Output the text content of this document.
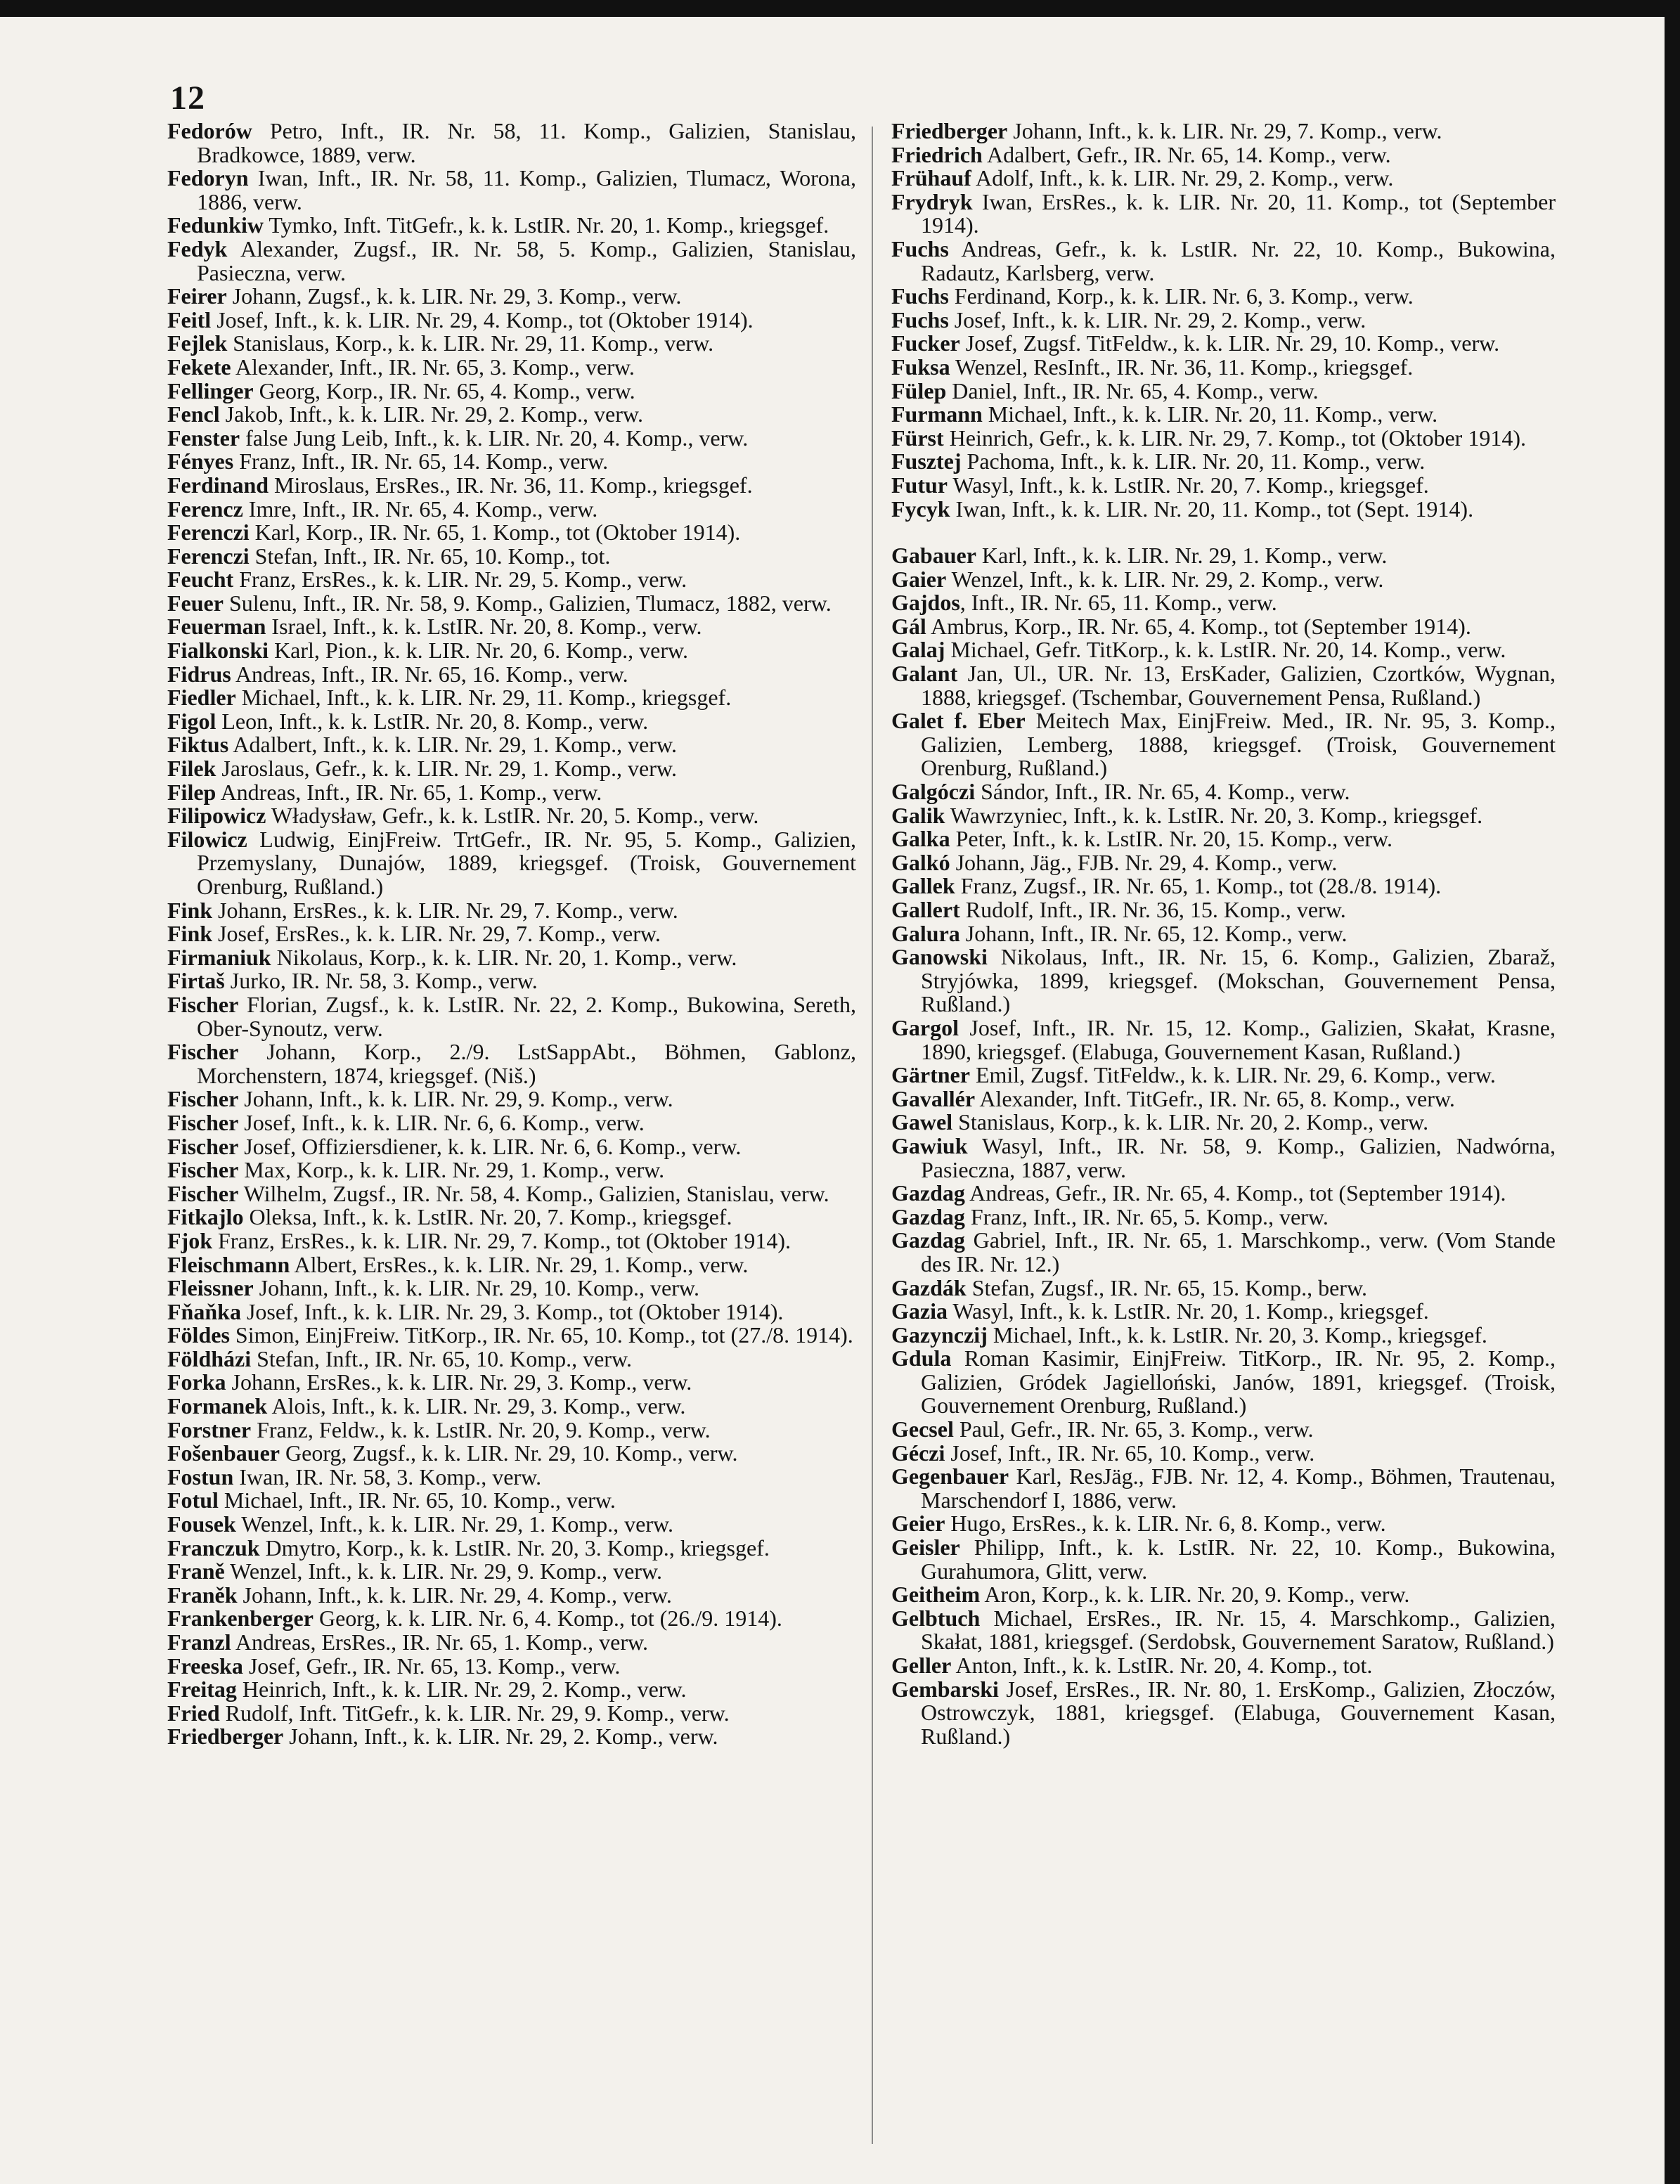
12

Fedorów Petro, Inft., IR. Nr. 58, 11. Komp., Galizien, Stanislau, Bradkowce, 1889, verw.

Fedoryn Iwan, Inft., IR. Nr. 58, 11. Komp., Galizien, Tlumacz, Worona, 1886, verw.

Fedunkiw Tymko, Inft. TitGefr., k. k. LstIR. Nr. 20, 1. Komp., kriegsgef.

Fedyk Alexander, Zugsf., IR. Nr. 58, 5. Komp., Galizien, Stanislau, Pasieczna, verw.

Feirer Johann, Zugsf., k. k. LIR. Nr. 29, 3. Komp., verw.

Feitl Josef, Inft., k. k. LIR. Nr. 29, 4. Komp., tot (Oktober 1914).

Fejlek Stanislaus, Korp., k. k. LIR. Nr. 29, 11. Komp., verw.

Fekete Alexander, Inft., IR. Nr. 65, 3. Komp., verw.

Fellinger Georg, Korp., IR. Nr. 65, 4. Komp., verw.

Fencl Jakob, Inft., k. k. LIR. Nr. 29, 2. Komp., verw.

Fenster false Jung Leib, Inft., k. k. LIR. Nr. 20, 4. Komp., verw.

Fényes Franz, Inft., IR. Nr. 65, 14. Komp., verw.

Ferdinand Miroslaus, ErsRes., IR. Nr. 36, 11. Komp., kriegsgef.

Ferencz Imre, Inft., IR. Nr. 65, 4. Komp., verw.

Ferenczi Karl, Korp., IR. Nr. 65, 1. Komp., tot (Oktober 1914).

Ferenczi Stefan, Inft., IR. Nr. 65, 10. Komp., tot.

Feucht Franz, ErsRes., k. k. LIR. Nr. 29, 5. Komp., verw.

Feuer Sulenu, Inft., IR. Nr. 58, 9. Komp., Galizien, Tlumacz, 1882, verw.

Feuerman Israel, Inft., k. k. LstIR. Nr. 20, 8. Komp., verw.

Fialkonski Karl, Pion., k. k. LIR. Nr. 20, 6. Komp., verw.

Fidrus Andreas, Inft., IR. Nr. 65, 16. Komp., verw.

Fiedler Michael, Inft., k. k. LIR. Nr. 29, 11. Komp., kriegsgef.

Figol Leon, Inft., k. k. LstIR. Nr. 20, 8. Komp., verw.

Fiktus Adalbert, Inft., k. k. LIR. Nr. 29, 1. Komp., verw.

Filek Jaroslaus, Gefr., k. k. LIR. Nr. 29, 1. Komp., verw.

Filep Andreas, Inft., IR. Nr. 65, 1. Komp., verw.

Filipowicz Władysław, Gefr., k. k. LstIR. Nr. 20, 5. Komp., verw.

Filowicz Ludwig, EinjFreiw. TrtGefr., IR. Nr. 95, 5. Komp., Galizien, Przemyslany, Dunajów, 1889, kriegsgef. (Troisk, Gouvernement Orenburg, Rußland.)

Fink Johann, ErsRes., k. k. LIR. Nr. 29, 7. Komp., verw.

Fink Josef, ErsRes., k. k. LIR. Nr. 29, 7. Komp., verw.

Firmaniuk Nikolaus, Korp., k. k. LIR. Nr. 20, 1. Komp., verw.

Firtaš Jurko, IR. Nr. 58, 3. Komp., verw.

Fischer Florian, Zugsf., k. k. LstIR. Nr. 22, 2. Komp., Bukowina, Sereth, Ober-Synoutz, verw.

Fischer Johann, Korp., 2./9. LstSappAbt., Böhmen, Gablonz, Morchenstern, 1874, kriegsgef. (Niš.)

Fischer Johann, Inft., k. k. LIR. Nr. 29, 9. Komp., verw.

Fischer Josef, Inft., k. k. LIR. Nr. 6, 6. Komp., verw.

Fischer Josef, Offiziersdiener, k. k. LIR. Nr. 6, 6. Komp., verw.

Fischer Max, Korp., k. k. LIR. Nr. 29, 1. Komp., verw.

Fischer Wilhelm, Zugsf., IR. Nr. 58, 4. Komp., Galizien, Stanislau, verw.

Fitkajlo Oleksa, Inft., k. k. LstIR. Nr. 20, 7. Komp., kriegsgef.

Fjok Franz, ErsRes., k. k. LIR. Nr. 29, 7. Komp., tot (Oktober 1914).

Fleischmann Albert, ErsRes., k. k. LIR. Nr. 29, 1. Komp., verw.

Fleissner Johann, Inft., k. k. LIR. Nr. 29, 10. Komp., verw.

Fňaňka Josef, Inft., k. k. LIR. Nr. 29, 3. Komp., tot (Oktober 1914).

Földes Simon, EinjFreiw. TitKorp., IR. Nr. 65, 10. Komp., tot (27./8. 1914).

Földházi Stefan, Inft., IR. Nr. 65, 10. Komp., verw.

Forka Johann, ErsRes., k. k. LIR. Nr. 29, 3. Komp., verw.

Formanek Alois, Inft., k. k. LIR. Nr. 29, 3. Komp., verw.

Forstner Franz, Feldw., k. k. LstIR. Nr. 20, 9. Komp., verw.

Fošenbauer Georg, Zugsf., k. k. LIR. Nr. 29, 10. Komp., verw.

Fostun Iwan, IR. Nr. 58, 3. Komp., verw.

Fotul Michael, Inft., IR. Nr. 65, 10. Komp., verw.

Fousek Wenzel, Inft., k. k. LIR. Nr. 29, 1. Komp., verw.

Franczuk Dmytro, Korp., k. k. LstIR. Nr. 20, 3. Komp., kriegsgef.

Franě Wenzel, Inft., k. k. LIR. Nr. 29, 9. Komp., verw.

Franěk Johann, Inft., k. k. LIR. Nr. 29, 4. Komp., verw.

Frankenberger Georg, k. k. LIR. Nr. 6, 4. Komp., tot (26./9. 1914).

Franzl Andreas, ErsRes., IR. Nr. 65, 1. Komp., verw.

Freeska Josef, Gefr., IR. Nr. 65, 13. Komp., verw.

Freitag Heinrich, Inft., k. k. LIR. Nr. 29, 2. Komp., verw.

Fried Rudolf, Inft. TitGefr., k. k. LIR. Nr. 29, 9. Komp., verw.

Friedberger Johann, Inft., k. k. LIR. Nr. 29, 2. Komp., verw.

Friedberger Johann, Inft., k. k. LIR. Nr. 29, 7. Komp., verw.

Friedrich Adalbert, Gefr., IR. Nr. 65, 14. Komp., verw.

Frühauf Adolf, Inft., k. k. LIR. Nr. 29, 2. Komp., verw.

Frydryk Iwan, ErsRes., k. k. LIR. Nr. 20, 11. Komp., tot (September 1914).

Fuchs Andreas, Gefr., k. k. LstIR. Nr. 22, 10. Komp., Bukowina, Radautz, Karlsberg, verw.

Fuchs Ferdinand, Korp., k. k. LIR. Nr. 6, 3. Komp., verw.

Fuchs Josef, Inft., k. k. LIR. Nr. 29, 2. Komp., verw.

Fucker Josef, Zugsf. TitFeldw., k. k. LIR. Nr. 29, 10. Komp., verw.

Fuksa Wenzel, ResInft., IR. Nr. 36, 11. Komp., kriegsgef.

Fülep Daniel, Inft., IR. Nr. 65, 4. Komp., verw.

Furmann Michael, Inft., k. k. LIR. Nr. 20, 11. Komp., verw.

Fürst Heinrich, Gefr., k. k. LIR. Nr. 29, 7. Komp., tot (Oktober 1914).

Fusztej Pachoma, Inft., k. k. LIR. Nr. 20, 11. Komp., verw.

Futur Wasyl, Inft., k. k. LstIR. Nr. 20, 7. Komp., kriegsgef.

Fycyk Iwan, Inft., k. k. LIR. Nr. 20, 11. Komp., tot (Sept. 1914).

Gabauer Karl, Inft., k. k. LIR. Nr. 29, 1. Komp., verw.

Gaier Wenzel, Inft., k. k. LIR. Nr. 29, 2. Komp., verw.

Gajdos, Inft., IR. Nr. 65, 11. Komp., verw.

Gál Ambrus, Korp., IR. Nr. 65, 4. Komp., tot (September 1914).

Galaj Michael, Gefr. TitKorp., k. k. LstIR. Nr. 20, 14. Komp., verw.

Galant Jan, Ul., UR. Nr. 13, ErsKader, Galizien, Czortków, Wygnan, 1888, kriegsgef. (Tschembar, Gouvernement Pensa, Rußland.)

Galet f. Eber Meitech Max, EinjFreiw. Med., IR. Nr. 95, 3. Komp., Galizien, Lemberg, 1888, kriegsgef. (Troisk, Gouvernement Orenburg, Rußland.)

Galgóczi Sándor, Inft., IR. Nr. 65, 4. Komp., verw.

Galik Wawrzyniec, Inft., k. k. LstIR. Nr. 20, 3. Komp., kriegsgef.

Galka Peter, Inft., k. k. LstIR. Nr. 20, 15. Komp., verw.

Galkó Johann, Jäg., FJB. Nr. 29, 4. Komp., verw.

Gallek Franz, Zugsf., IR. Nr. 65, 1. Komp., tot (28./8. 1914).

Gallert Rudolf, Inft., IR. Nr. 36, 15. Komp., verw.

Galura Johann, Inft., IR. Nr. 65, 12. Komp., verw.

Ganowski Nikolaus, Inft., IR. Nr. 15, 6. Komp., Galizien, Zbaraž, Stryjówka, 1899, kriegsgef. (Mokschan, Gouvernement Pensa, Rußland.)

Gargol Josef, Inft., IR. Nr. 15, 12. Komp., Galizien, Skałat, Krasne, 1890, kriegsgef. (Elabuga, Gouvernement Kasan, Rußland.)

Gärtner Emil, Zugsf. TitFeldw., k. k. LIR. Nr. 29, 6. Komp., verw.

Gavallér Alexander, Inft. TitGefr., IR. Nr. 65, 8. Komp., verw.

Gawel Stanislaus, Korp., k. k. LIR. Nr. 20, 2. Komp., verw.

Gawiuk Wasyl, Inft., IR. Nr. 58, 9. Komp., Galizien, Nadwórna, Pasieczna, 1887, verw.

Gazdag Andreas, Gefr., IR. Nr. 65, 4. Komp., tot (September 1914).

Gazdag Franz, Inft., IR. Nr. 65, 5. Komp., verw.

Gazdag Gabriel, Inft., IR. Nr. 65, 1. Marschkomp., verw. (Vom Stande des IR. Nr. 12.)

Gazdák Stefan, Zugsf., IR. Nr. 65, 15. Komp., berw.

Gazia Wasyl, Inft., k. k. LstIR. Nr. 20, 1. Komp., kriegsgef.

Gazynczij Michael, Inft., k. k. LstIR. Nr. 20, 3. Komp., kriegsgef.

Gdula Roman Kasimir, EinjFreiw. TitKorp., IR. Nr. 95, 2. Komp., Galizien, Gródek Jagielloński, Janów, 1891, kriegsgef. (Troisk, Gouvernement Orenburg, Rußland.)

Gecsel Paul, Gefr., IR. Nr. 65, 3. Komp., verw.

Géczi Josef, Inft., IR. Nr. 65, 10. Komp., verw.

Gegenbauer Karl, ResJäg., FJB. Nr. 12, 4. Komp., Böhmen, Trautenau, Marschendorf I, 1886, verw.

Geier Hugo, ErsRes., k. k. LIR. Nr. 6, 8. Komp., verw.

Geisler Philipp, Inft., k. k. LstIR. Nr. 22, 10. Komp., Bukowina, Gurahumora, Glitt, verw.

Geitheim Aron, Korp., k. k. LIR. Nr. 20, 9. Komp., verw.

Gelbtuch Michael, ErsRes., IR. Nr. 15, 4. Marschkomp., Galizien, Skałat, 1881, kriegsgef. (Serdobsk, Gouvernement Saratow, Rußland.)

Geller Anton, Inft., k. k. LstIR. Nr. 20, 4. Komp., tot.

Gembarski Josef, ErsRes., IR. Nr. 80, 1. ErsKomp., Galizien, Złoczów, Ostrowczyk, 1881, kriegsgef. (Elabuga, Gouvernement Kasan, Rußland.)
